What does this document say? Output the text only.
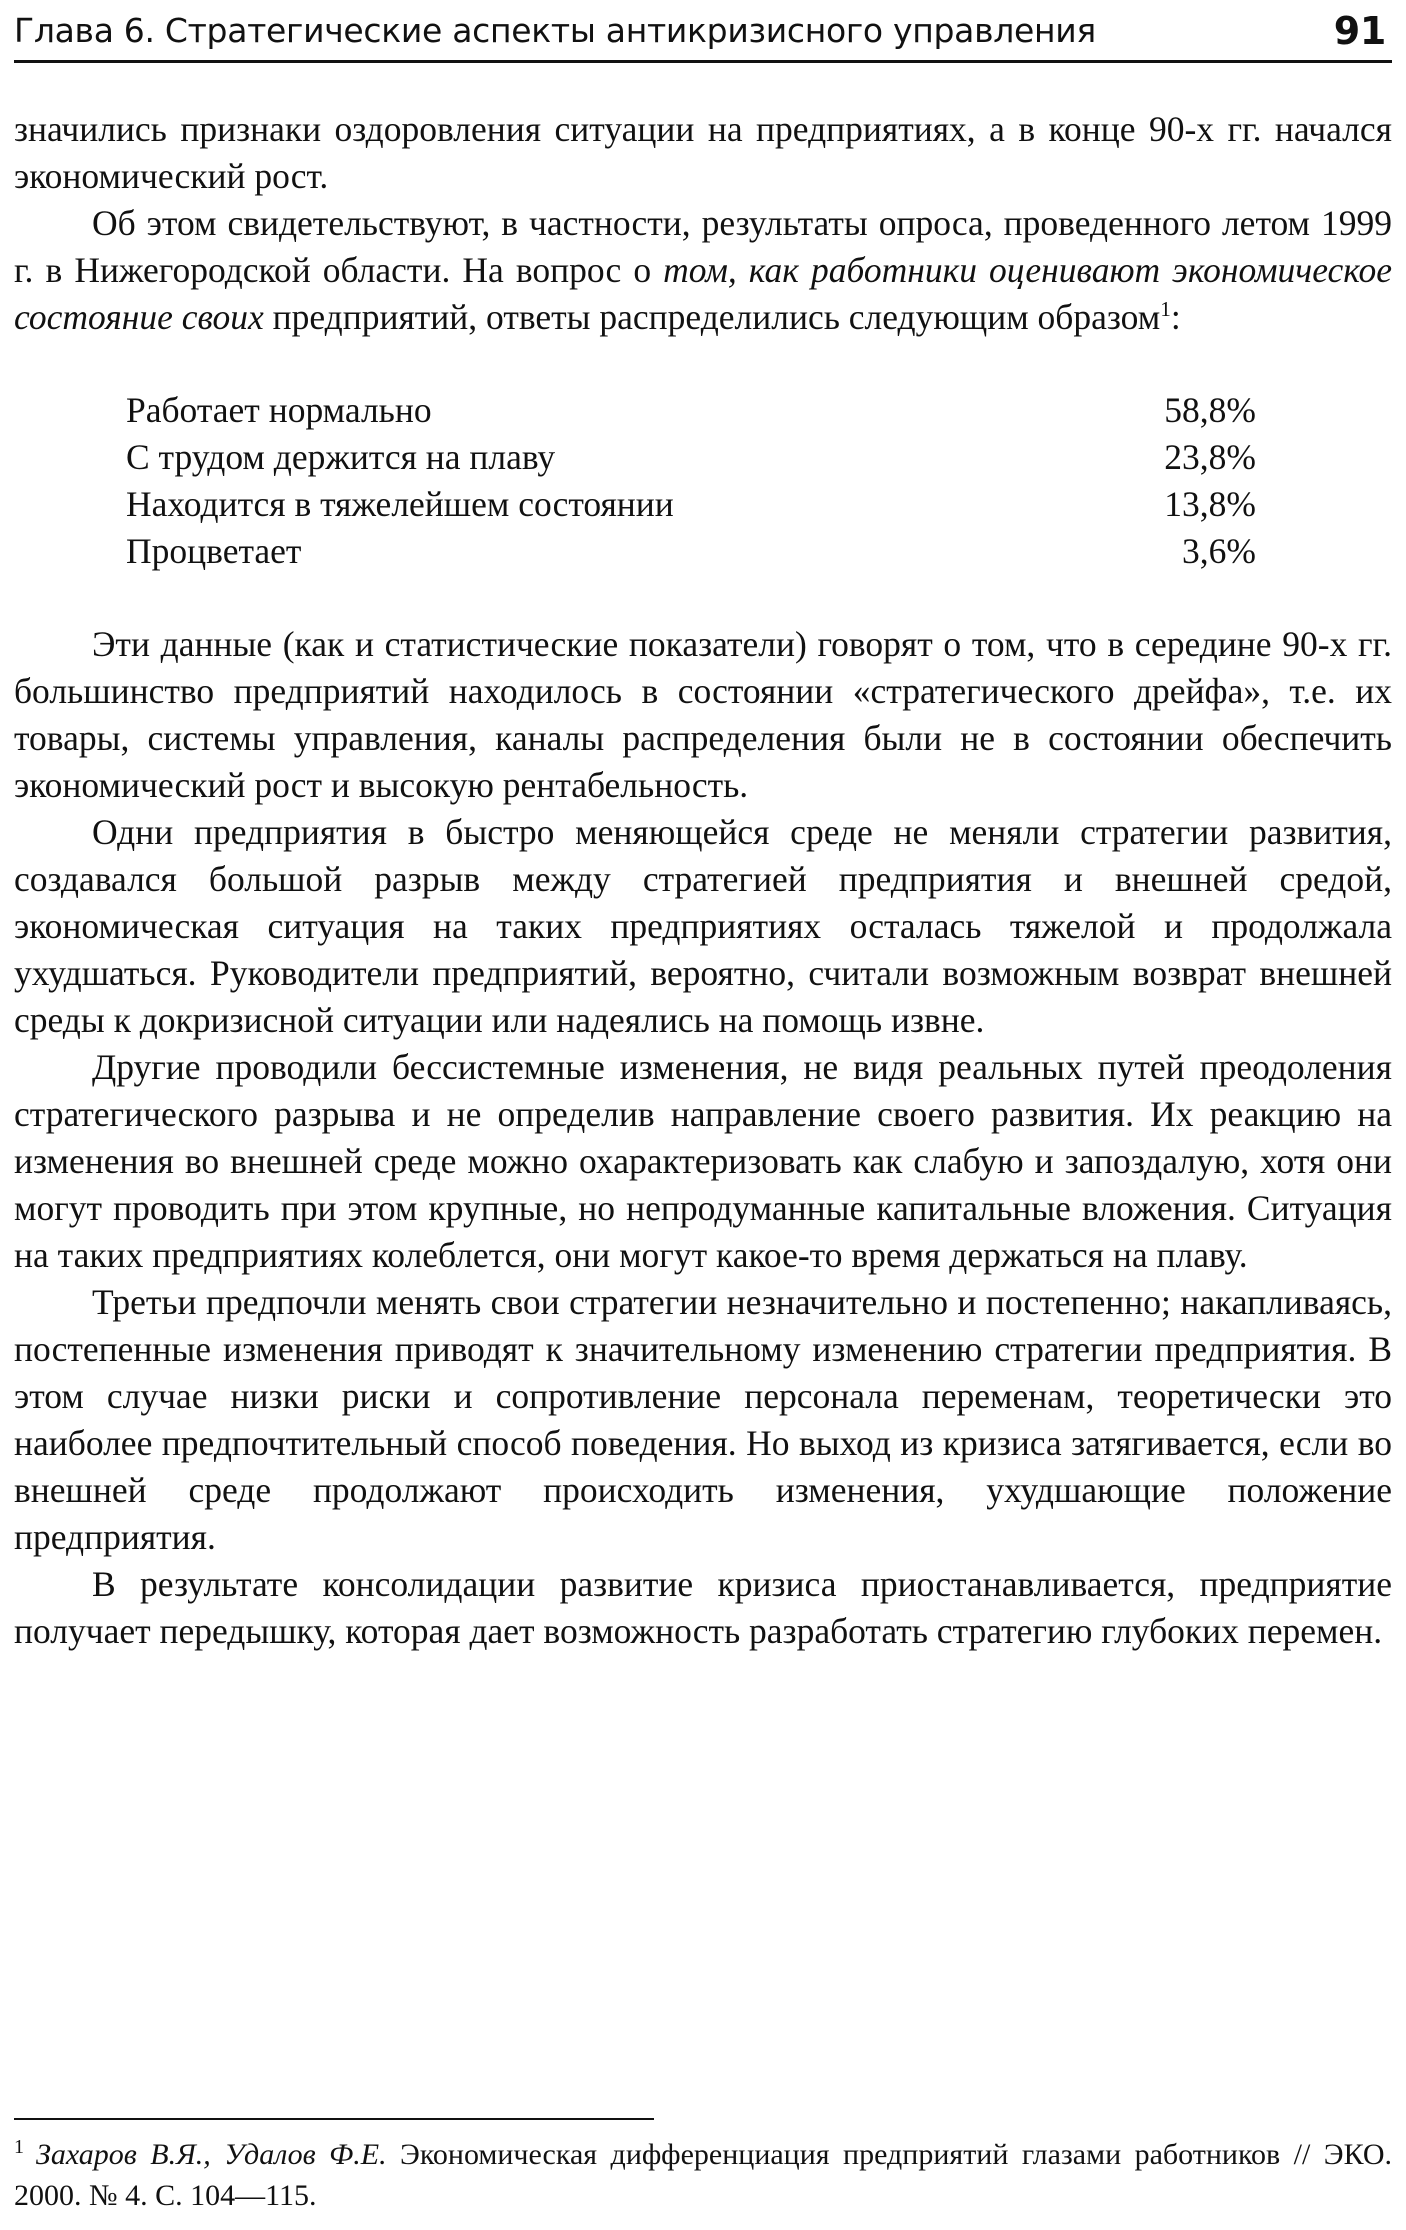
Глава 6. Стратегические аспекты антикризисного управления	91

значились признаки оздоровления ситуации на предприятиях, а в конце 90-х гг. начался экономический рост.

Об этом свидетельствуют, в частности, результаты опроса, проведенного летом 1999 г. в Нижегородской области. На вопрос о том, как работники оценивают экономическое состояние своих предприятий, ответы распределились следующим образом$^1$:

Работает нормально	58,8%
С трудом держится на плаву	23,8%
Находится в тяжелейшем состоянии	13,8%
Процветает	3,6%

Эти данные (как и статистические показатели) говорят о том, что в середине 90-х гг. большинство предприятий находилось в состоянии «стратегического дрейфа», т.е. их товары, системы управления, каналы распределения были не в состоянии обеспечить экономический рост и высокую рентабельность.

Одни предприятия в быстро меняющейся среде не меняли стратегии развития, создавался большой разрыв между стратегией предприятия и внешней средой, экономическая ситуация на таких предприятиях осталась тяжелой и продолжала ухудшаться. Руководители предприятий, вероятно, считали возможным возврат внешней среды к докризисной ситуации или надеялись на помощь извне.

Другие проводили бессистемные изменения, не видя реальных путей преодоления стратегического разрыва и не определив направление своего развития. Их реакцию на изменения во внешней среде можно охарактеризовать как слабую и запоздалую, хотя они могут проводить при этом крупные, но непродуманные капитальные вложения. Ситуация на таких предприятиях колеблется, они могут какое-то время держаться на плаву.

Третьи предпочли менять свои стратегии незначительно и постепенно; накапливаясь, постепенные изменения приводят к значительному изменению стратегии предприятия. В этом случае низки риски и сопротивление персонала переменам, теоретически это наиболее предпочтительный способ поведения. Но выход из кризиса затягивается, если во внешней среде продолжают происходить изменения, ухудшающие положение предприятия.

В результате консолидации развитие кризиса приостанавливается, предприятие получает передышку, которая дает возможность разработать стратегию глубоких перемен.

$^1$ Захаров В.Я., Удалов Ф.Е. Экономическая дифференциация предприятий глазами работников // ЭКО. 2000. № 4. С. 104—115.
